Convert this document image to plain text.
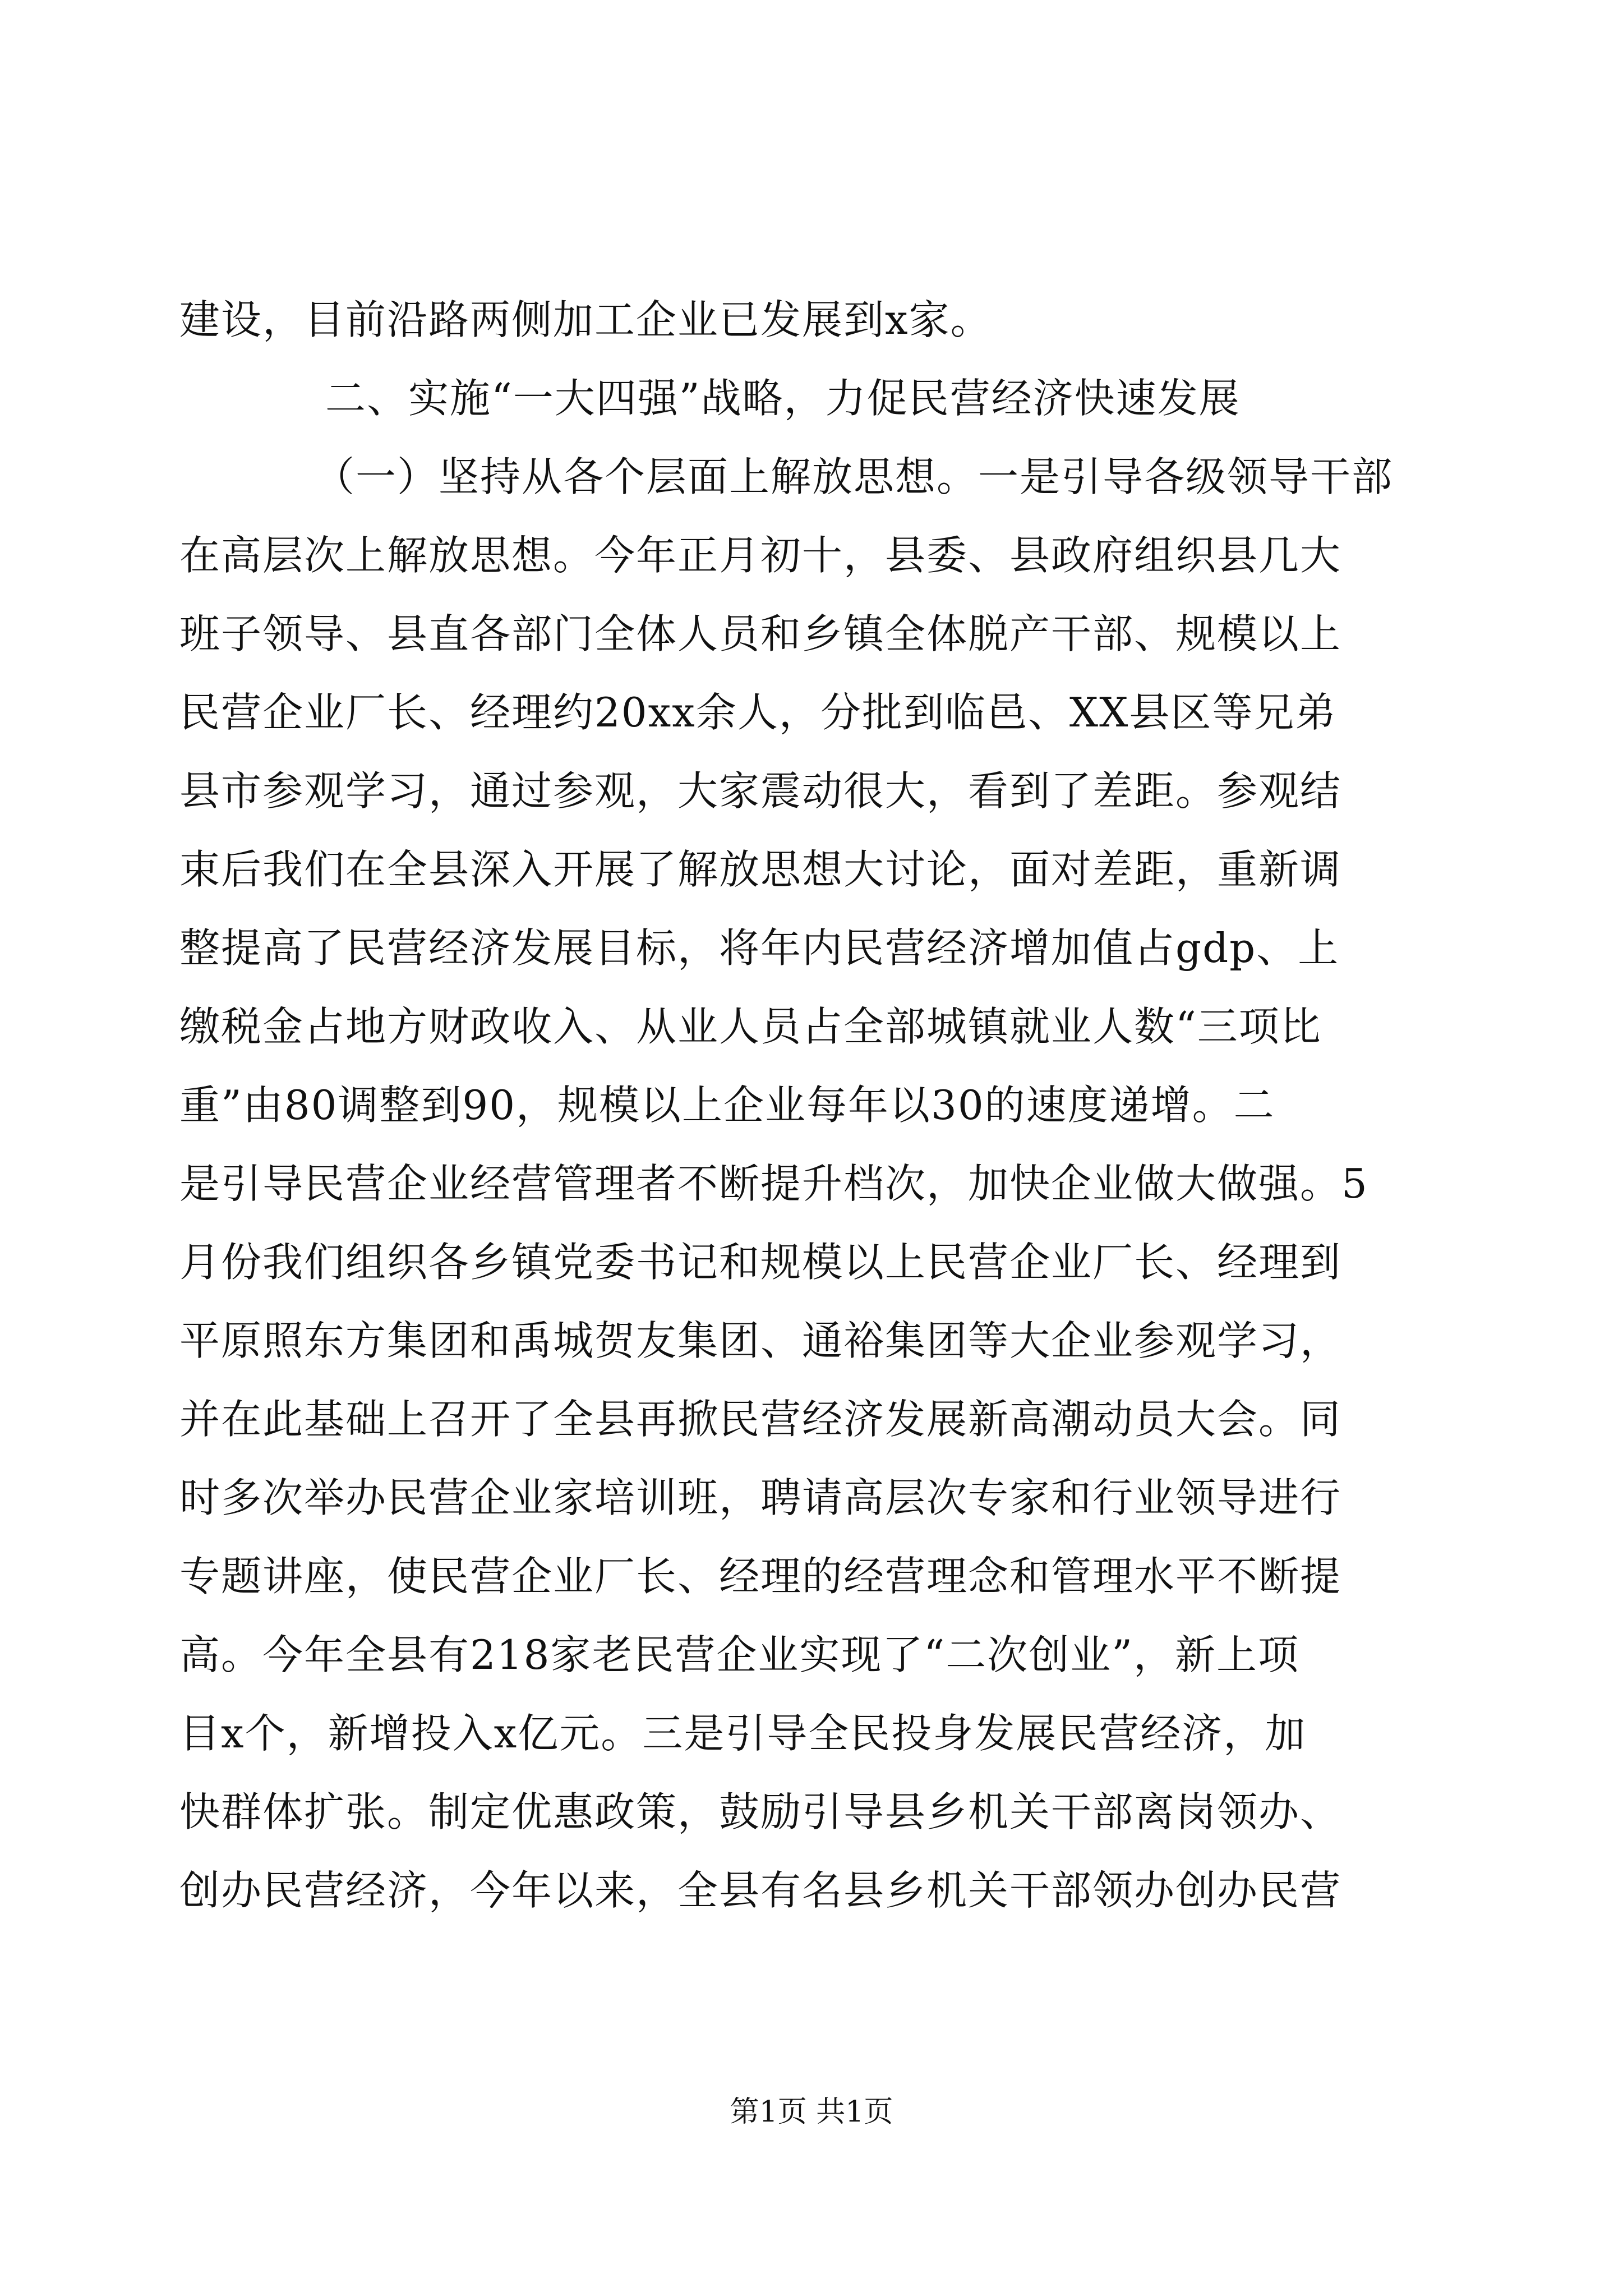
建设，目前沿路两侧加工企业已发展到x家。
二、实施“一大四强”战略，力促民营经济快速发展
（一）坚持从各个层面上解放思想。一是引导各级领导干部
在高层次上解放思想。今年正月初十，县委、县政府组织县几大
班子领导、县直各部门全体人员和乡镇全体脱产干部、规模以上
民营企业厂长、经理约20xx余人，分批到临邑、XX县区等兄弟
县市参观学习，通过参观，大家震动很大，看到了差距。参观结
束后我们在全县深入开展了解放思想大讨论，面对差距，重新调
整提高了民营经济发展目标，将年内民营经济增加值占gdp、上
缴税金占地方财政收入、从业人员占全部城镇就业人数“三项比
重”由80调整到90，规模以上企业每年以30的速度递增。二
是引导民营企业经营管理者不断提升档次，加快企业做大做强。5
月份我们组织各乡镇党委书记和规模以上民营企业厂长、经理到
平原照东方集团和禹城贺友集团、通裕集团等大企业参观学习，
并在此基础上召开了全县再掀民营经济发展新高潮动员大会。同
时多次举办民营企业家培训班，聘请高层次专家和行业领导进行
专题讲座，使民营企业厂长、经理的经营理念和管理水平不断提
高。今年全县有218家老民营企业实现了“二次创业”，新上项
目x个，新增投入x亿元。三是引导全民投身发展民营经济，加
快群体扩张。制定优惠政策，鼓励引导县乡机关干部离岗领办、
创办民营经济，今年以来，全县有名县乡机关干部领办创办民营
第1页 共1页
